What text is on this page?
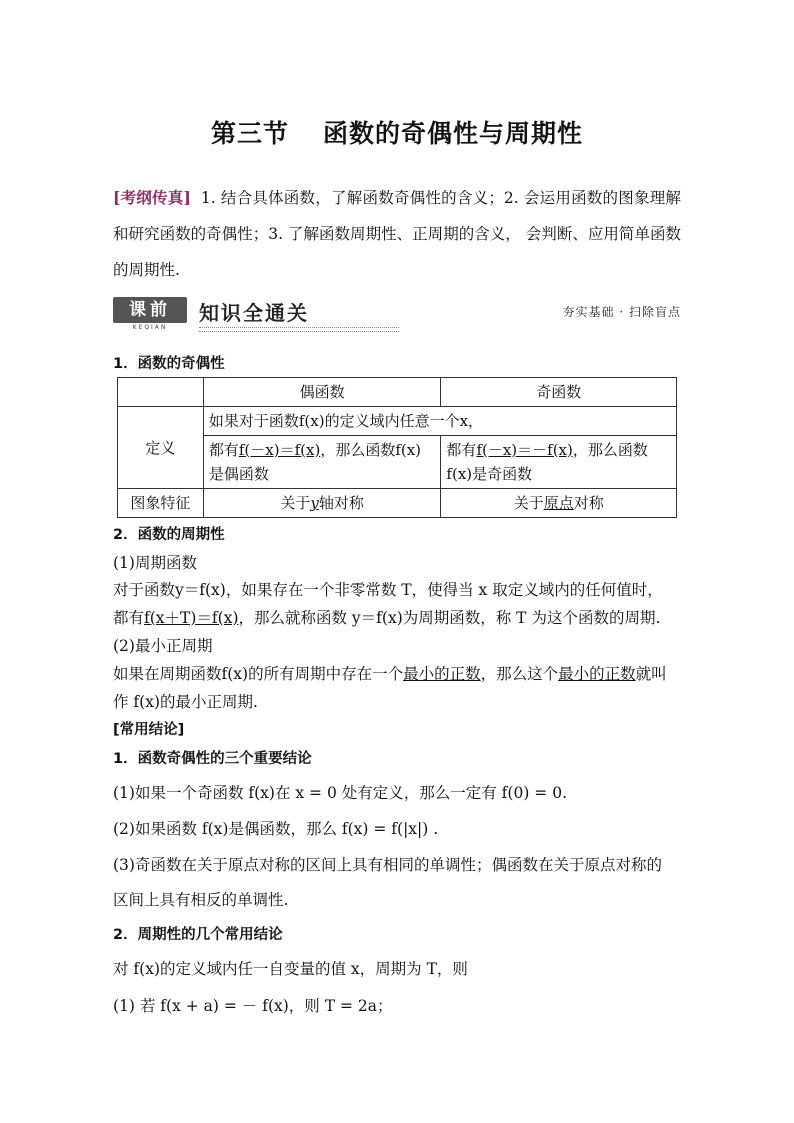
第三节 函数的奇偶性与周期性
[考纲传真] 1. 结合具体函数，了解函数奇偶性的含义；2. 会运用函数的图象理解和研究函数的奇偶性；3. 了解函数周期性、正周期的含义， 会判断、应用简单函数的周期性.
课前
KEQIAN
知识全通关	夯实基础 · 扫除盲点
1．函数的奇偶性
	偶函数	奇函数
定义	如果对于函数f(x)的定义域内任意一个x，	
	都有f(－x)＝f(x)，那么函数f(x)是偶函数	都有f(－x)＝－f(x)，那么函数f(x)是奇函数
图象特征	关于y轴对称	关于原点对称
2．函数的周期性
(1)周期函数
对于函数y＝f(x)，如果存在一个非零常数 T，使得当 x 取定义域内的任何值时，
都有f(x＋T)＝f(x)，那么就称函数 y＝f(x)为周期函数，称 T 为这个函数的周期.
(2)最小正周期
如果在周期函数f(x)的所有周期中存在一个最小的正数，那么这个最小的正数就叫
作 f(x)的最小正周期.
[常用结论]
1．函数奇偶性的三个重要结论
(1)如果一个奇函数 f(x)在 x = 0 处有定义，那么一定有 f(0) = 0.
(2)如果函数 f(x)是偶函数，那么 f(x) = f(|x|) .
(3)奇函数在关于原点对称的区间上具有相同的单调性；偶函数在关于原点对称的
区间上具有相反的单调性.
2．周期性的几个常用结论
对 f(x)的定义域内任一自变量的值 x，周期为 T，则
(1) 若 f(x + a) = － f(x)，则 T = 2a；
